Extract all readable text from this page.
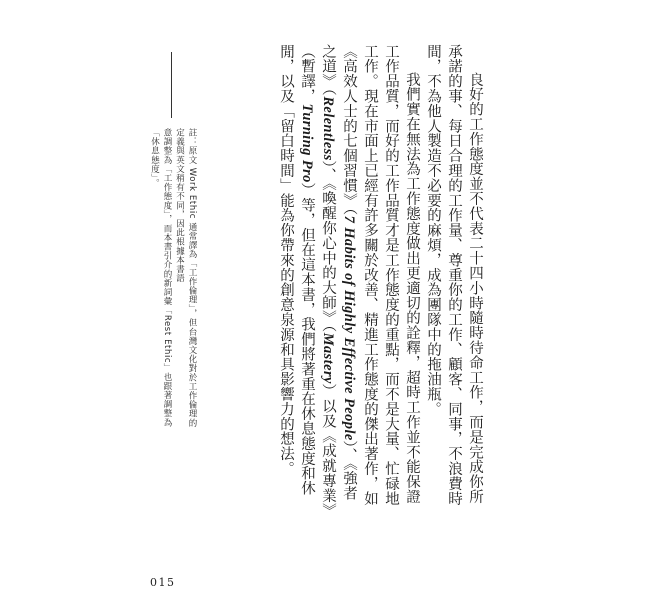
良好的工作態度並不代表二十四小時隨時待命工作，而是完成你所承諾的事、每日合理的工作量、尊重你的工作、顧客、同事，不浪費時間，不為他人製造不必要的麻煩，成為團隊中的拖油瓶。

我們實在無法為工作態度做出更適切的詮釋，超時工作並不能保證工作品質，而好的工作品質才是工作態度的重點，而不是大量、忙碌地工作。現在市面上已經有許多關於改善、精進工作態度的傑出著作，如《高效人士的七個習慣》（7 Habits of Highly Effective People）、《強者之道》（Relentless）、《喚醒你心中的大師》（Mastery）以及《成就專業》（暫譯，Turning Pro）等，但在這本書，我們將著重在休息態度和休閒，以及「留白時間」能為你帶來的創意泉源和具影響力的想法。

註：原文 Work Ethic 通常譯為「工作倫理」，但台灣文化對於工作倫理的定義與英文稍有不同，因此根據本書語

意調整為「工作態度」，而本書引介的新詞彙「Rest Ethic」也跟著調整為「休息態度」。

015
